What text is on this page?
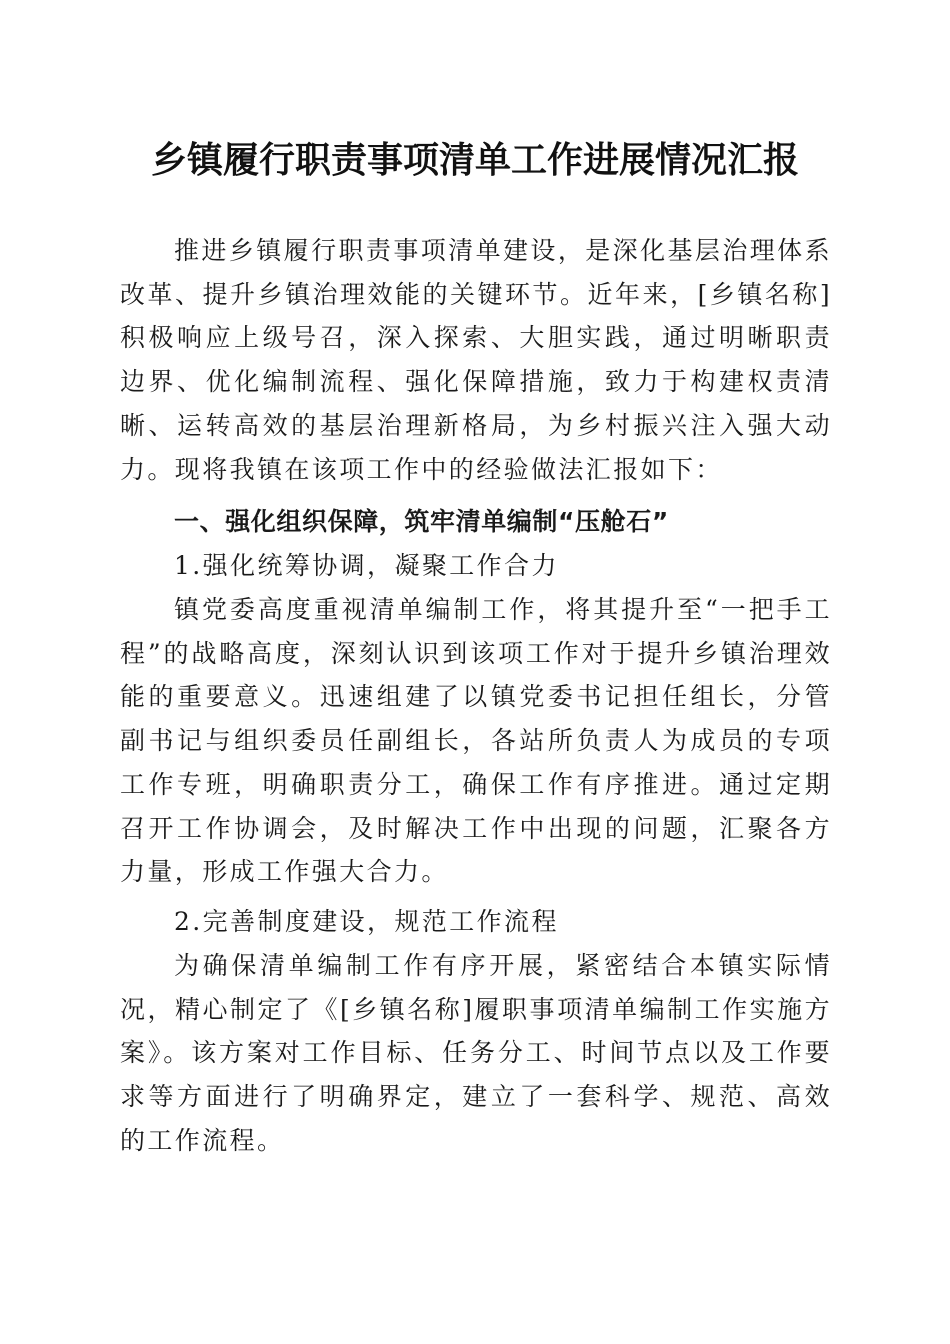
乡镇履行职责事项清单工作进展情况汇报

推进乡镇履行职责事项清单建设，是深化基层治理体系改革、提升乡镇治理效能的关键环节。近年来，[乡镇名称]积极响应上级号召，深入探索、大胆实践，通过明晰职责边界、优化编制流程、强化保障措施，致力于构建权责清晰、运转高效的基层治理新格局，为乡村振兴注入强大动力。现将我镇在该项工作中的经验做法汇报如下：

一、强化组织保障，筑牢清单编制“压舱石”

1.强化统筹协调，凝聚工作合力

镇党委高度重视清单编制工作，将其提升至“一把手工程”的战略高度，深刻认识到该项工作对于提升乡镇治理效能的重要意义。迅速组建了以镇党委书记担任组长，分管副书记与组织委员任副组长，各站所负责人为成员的专项工作专班，明确职责分工，确保工作有序推进。通过定期召开工作协调会，及时解决工作中出现的问题，汇聚各方力量，形成工作强大合力。

2.完善制度建设，规范工作流程

为确保清单编制工作有序开展，紧密结合本镇实际情况，精心制定了《[乡镇名称]履职事项清单编制工作实施方案》。该方案对工作目标、任务分工、时间节点以及工作要求等方面进行了明确界定，建立了一套科学、规范、高效的工作流程。
